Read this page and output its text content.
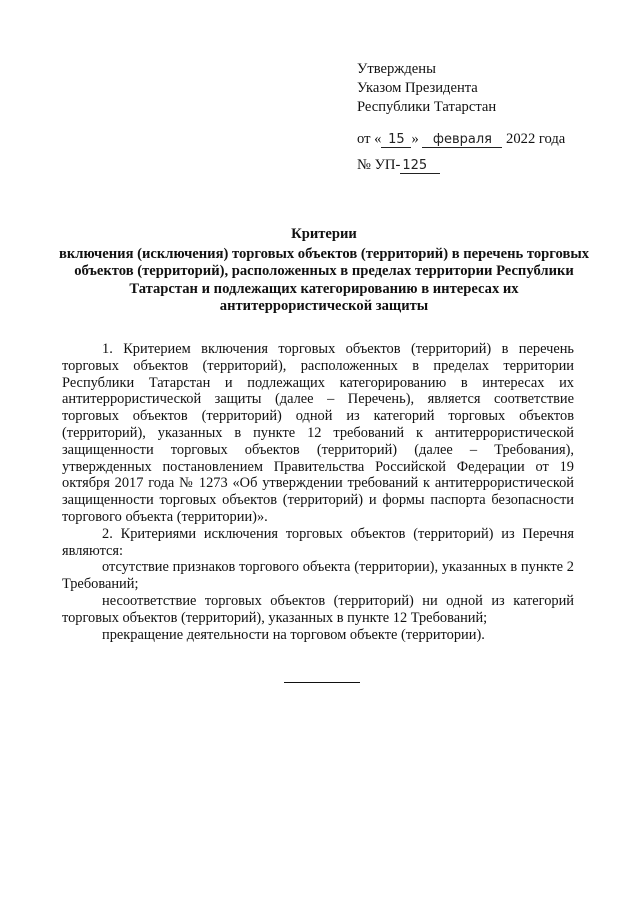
Утверждены
Указом Президента
Республики Татарстан
от « 15 » февраля 2022 года
№ УП- 125
Критерии
включения (исключения) торговых объектов (территорий) в перечень торговых объектов (территорий), расположенных в пределах территории Республики Татарстан и подлежащих категорированию в интересах их антитеррористической защиты

1. Критерием включения торговых объектов (территорий) в перечень торговых объектов (территорий), расположенных в пределах территории Республики Татарстан и подлежащих категорированию в интересах их антитеррористической защиты (далее – Перечень), является соответствие торговых объектов (территорий) одной из категорий торговых объектов (территорий), указанных в пункте 12 требований к антитеррористической защищенности торговых объектов (территорий) (далее – Требования), утвержденных постановлением Правительства Российской Федерации от 19 октября 2017 года № 1273 «Об утверждении требований к антитеррористической защищенности торговых объектов (территорий) и формы паспорта безопасности торгового объекта (территории)».

2. Критериями исключения торговых объектов (территорий) из Перечня являются:

отсутствие признаков торгового объекта (территории), указанных в пункте 2 Требований;

несоответствие торговых объектов (территорий) ни одной из категорий торговых объектов (территорий), указанных в пункте 12 Требований;

прекращение деятельности на торговом объекте (территории).
